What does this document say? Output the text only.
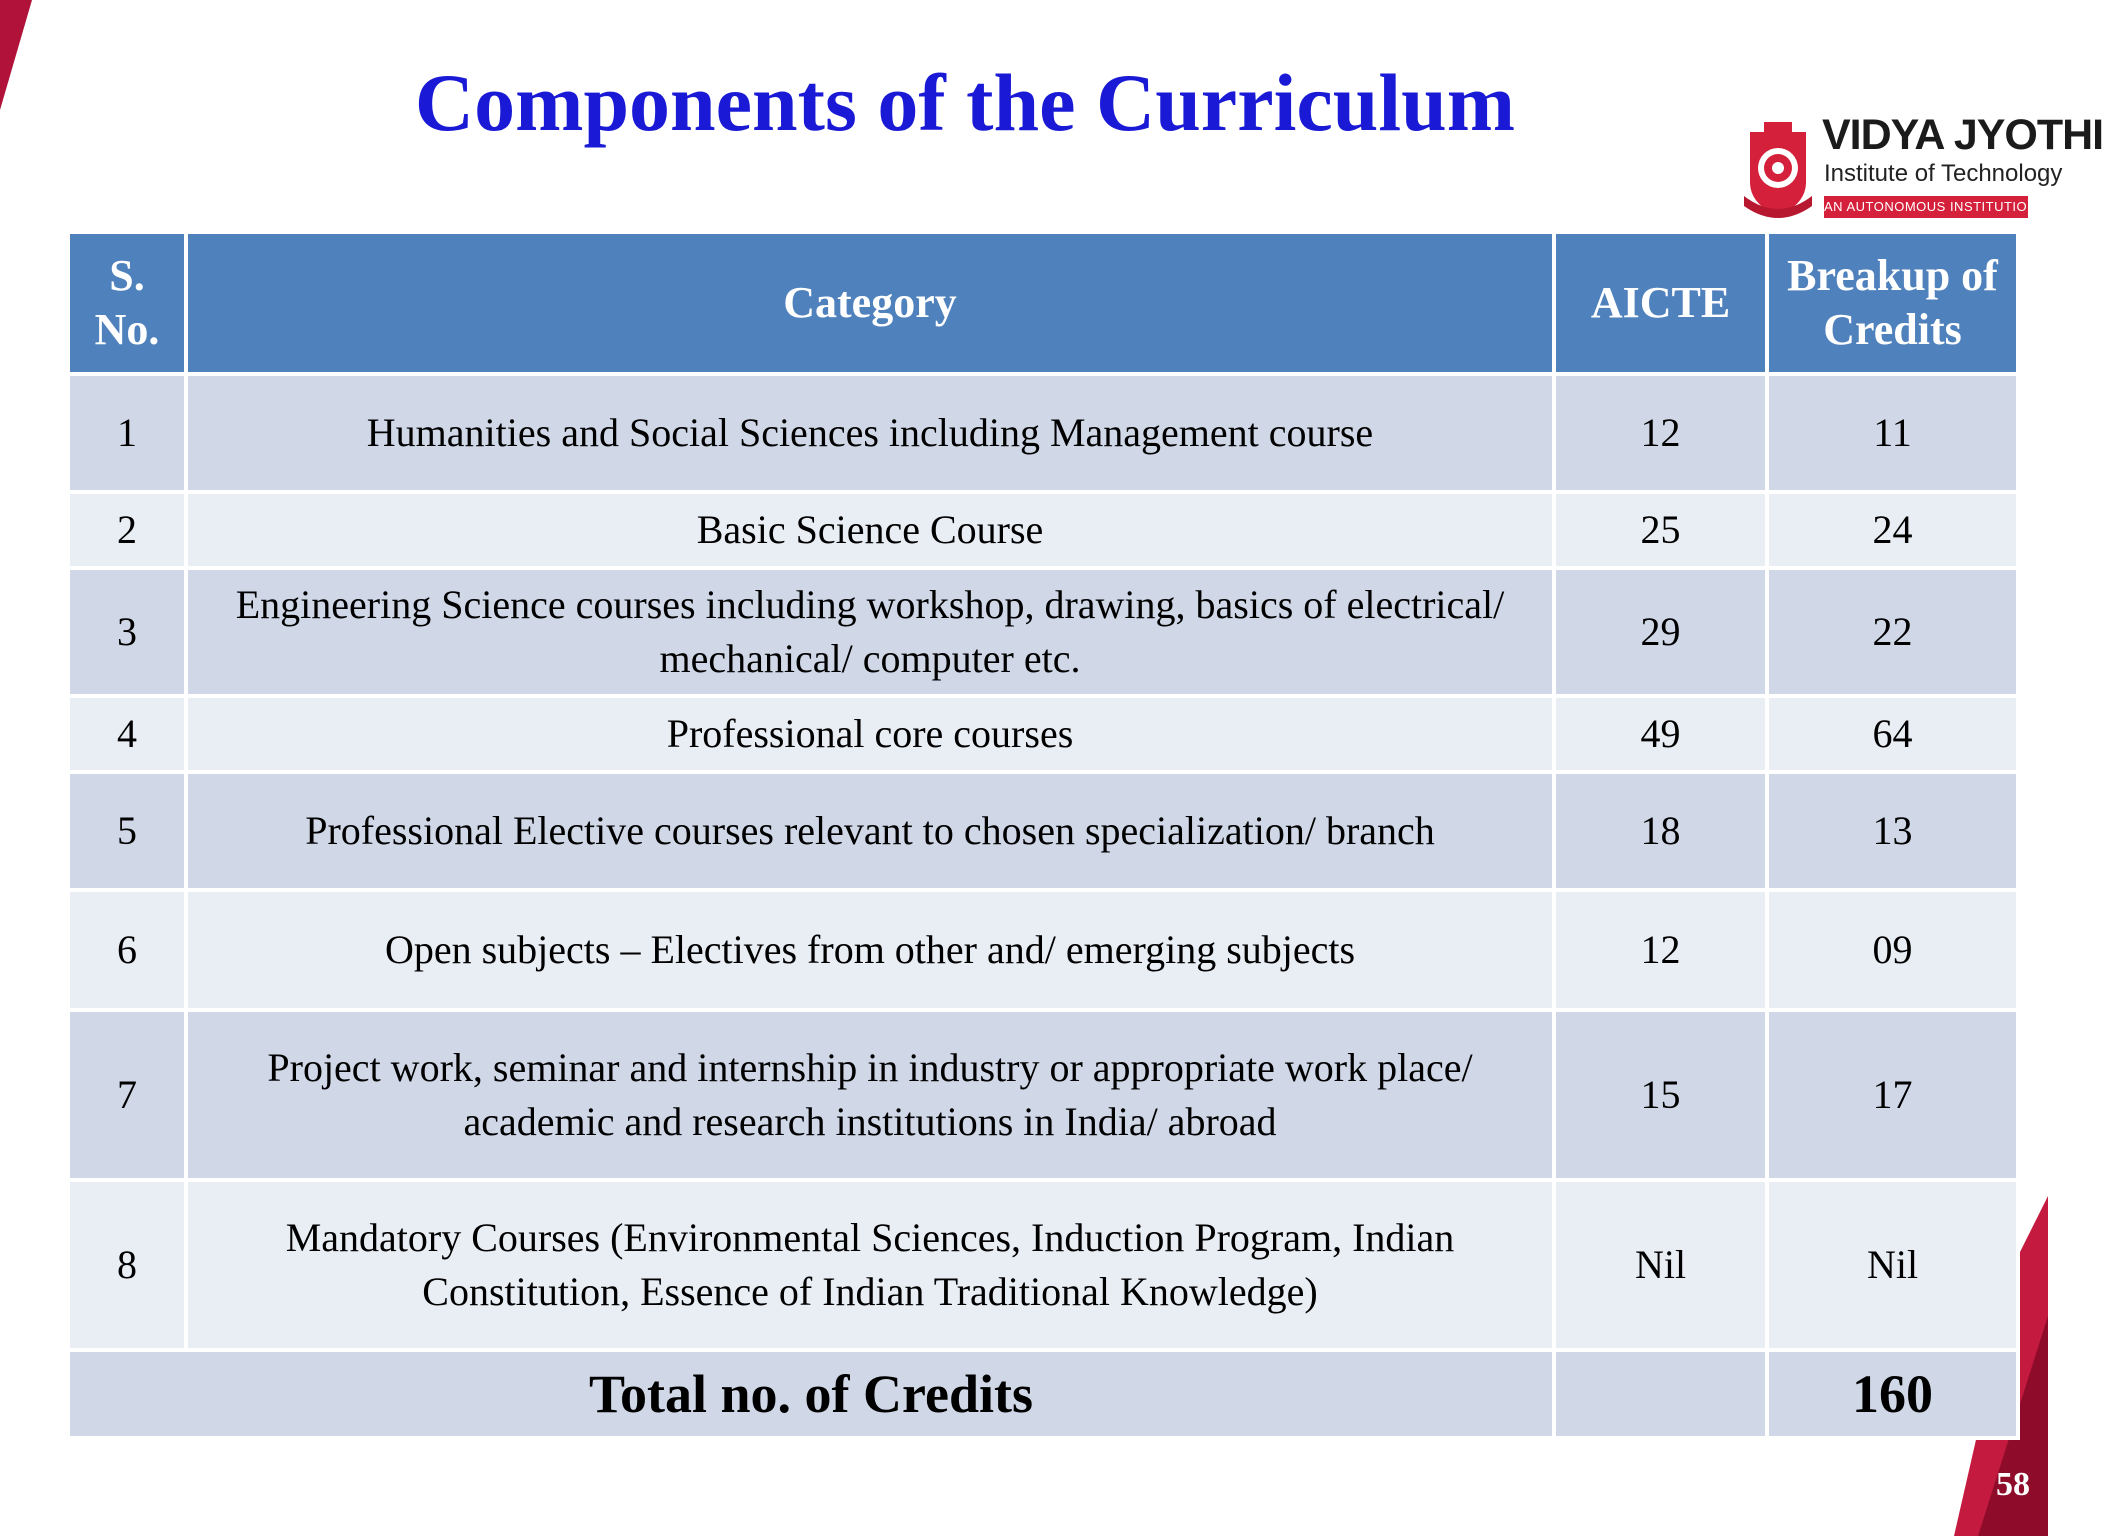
Components of the Curriculum	VIDYA JYOTHI
Institute of Technology
AN AUTONOMOUS INSTITUTION
S. No.	Category	AICTE	Breakup of Credits
1	Humanities and Social Sciences including Management course	12	11
2	Basic Science Course	25	24
3	Engineering Science courses including workshop, drawing, basics of electrical/ mechanical/ computer etc.	29	22
4	Professional core courses	49	64
5	Professional Elective courses relevant to chosen specialization/ branch	18	13
6	Open subjects – Electives from other and/ emerging subjects	12	09
7	Project work, seminar and internship in industry or appropriate work place/ academic and research institutions in India/ abroad	15	17
8	Mandatory Courses (Environmental Sciences, Induction Program, Indian Constitution, Essence of Indian Traditional Knowledge)	Nil	Nil
Total no. of Credits			160
58
